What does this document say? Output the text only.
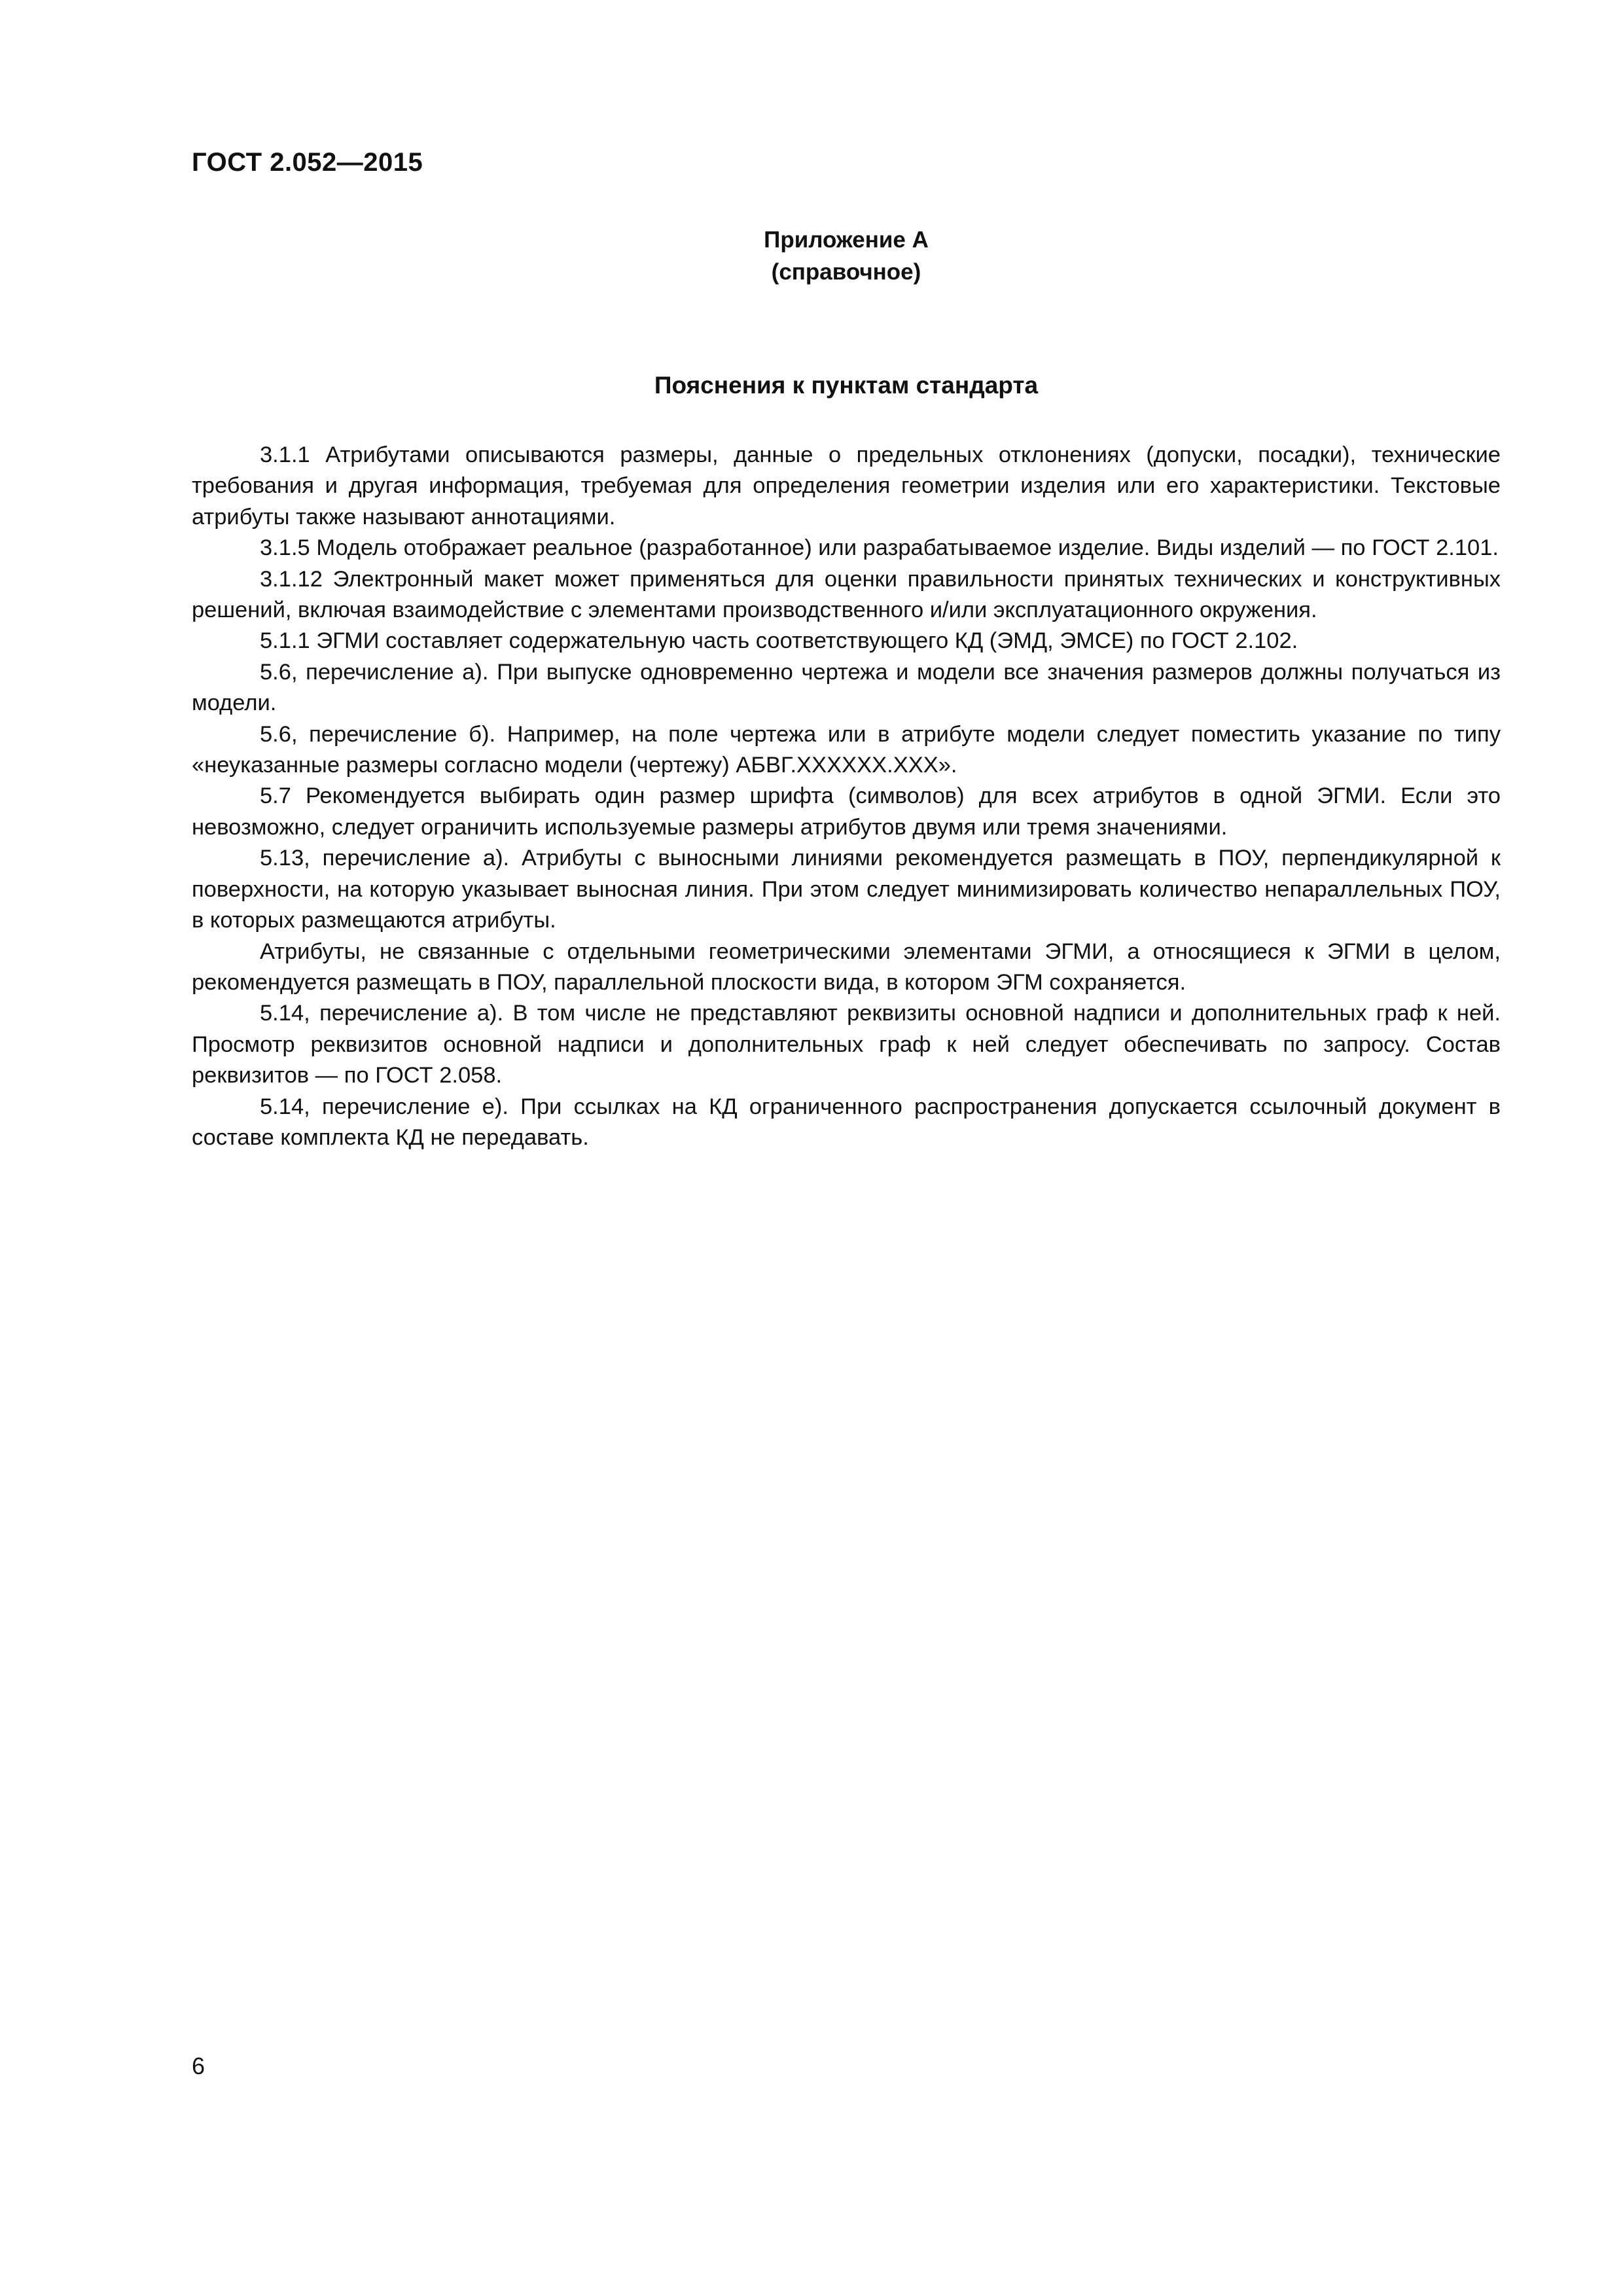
ГОСТ 2.052—2015
Приложение А
(справочное)
Пояснения к пунктам стандарта

3.1.1 Атрибутами описываются размеры, данные о предельных отклонениях (допуски, посадки), технические требования и другая информация, требуемая для определения геометрии изделия или его характеристики. Текстовые атрибуты также называют аннотациями.

3.1.5 Модель отображает реальное (разработанное) или разрабатываемое изделие. Виды изделий — по ГОСТ 2.101.

3.1.12 Электронный макет может применяться для оценки правильности принятых технических и конструктивных решений, включая взаимодействие с элементами производственного и/или эксплуатационного окружения.

5.1.1 ЭГМИ составляет содержательную часть соответствующего КД (ЭМД, ЭМСЕ) по ГОСТ 2.102.

5.6, перечисление а). При выпуске одновременно чертежа и модели все значения размеров должны получаться из модели.

5.6, перечисление б). Например, на поле чертежа или в атрибуте модели следует поместить указание по типу «неуказанные размеры согласно модели (чертежу) АБВГ.ХХХХХХ.ХХХ».

5.7 Рекомендуется выбирать один размер шрифта (символов) для всех атрибутов в одной ЭГМИ. Если это невозможно, следует ограничить используемые размеры атрибутов двумя или тремя значениями.

5.13, перечисление а). Атрибуты с выносными линиями рекомендуется размещать в ПОУ, перпендикулярной к поверхности, на которую указывает выносная линия. При этом следует минимизировать количество непараллельных ПОУ, в которых размещаются атрибуты.

Атрибуты, не связанные с отдельными геометрическими элементами ЭГМИ, а относящиеся к ЭГМИ в целом, рекомендуется размещать в ПОУ, параллельной плоскости вида, в котором ЭГМ сохраняется.

5.14, перечисление а). В том числе не представляют реквизиты основной надписи и дополнительных граф к ней. Просмотр реквизитов основной надписи и дополнительных граф к ней следует обеспечивать по запросу. Состав реквизитов — по ГОСТ 2.058.

5.14, перечисление е). При ссылках на КД ограниченного распространения допускается ссылочный документ в составе комплекта КД не передавать.

6
